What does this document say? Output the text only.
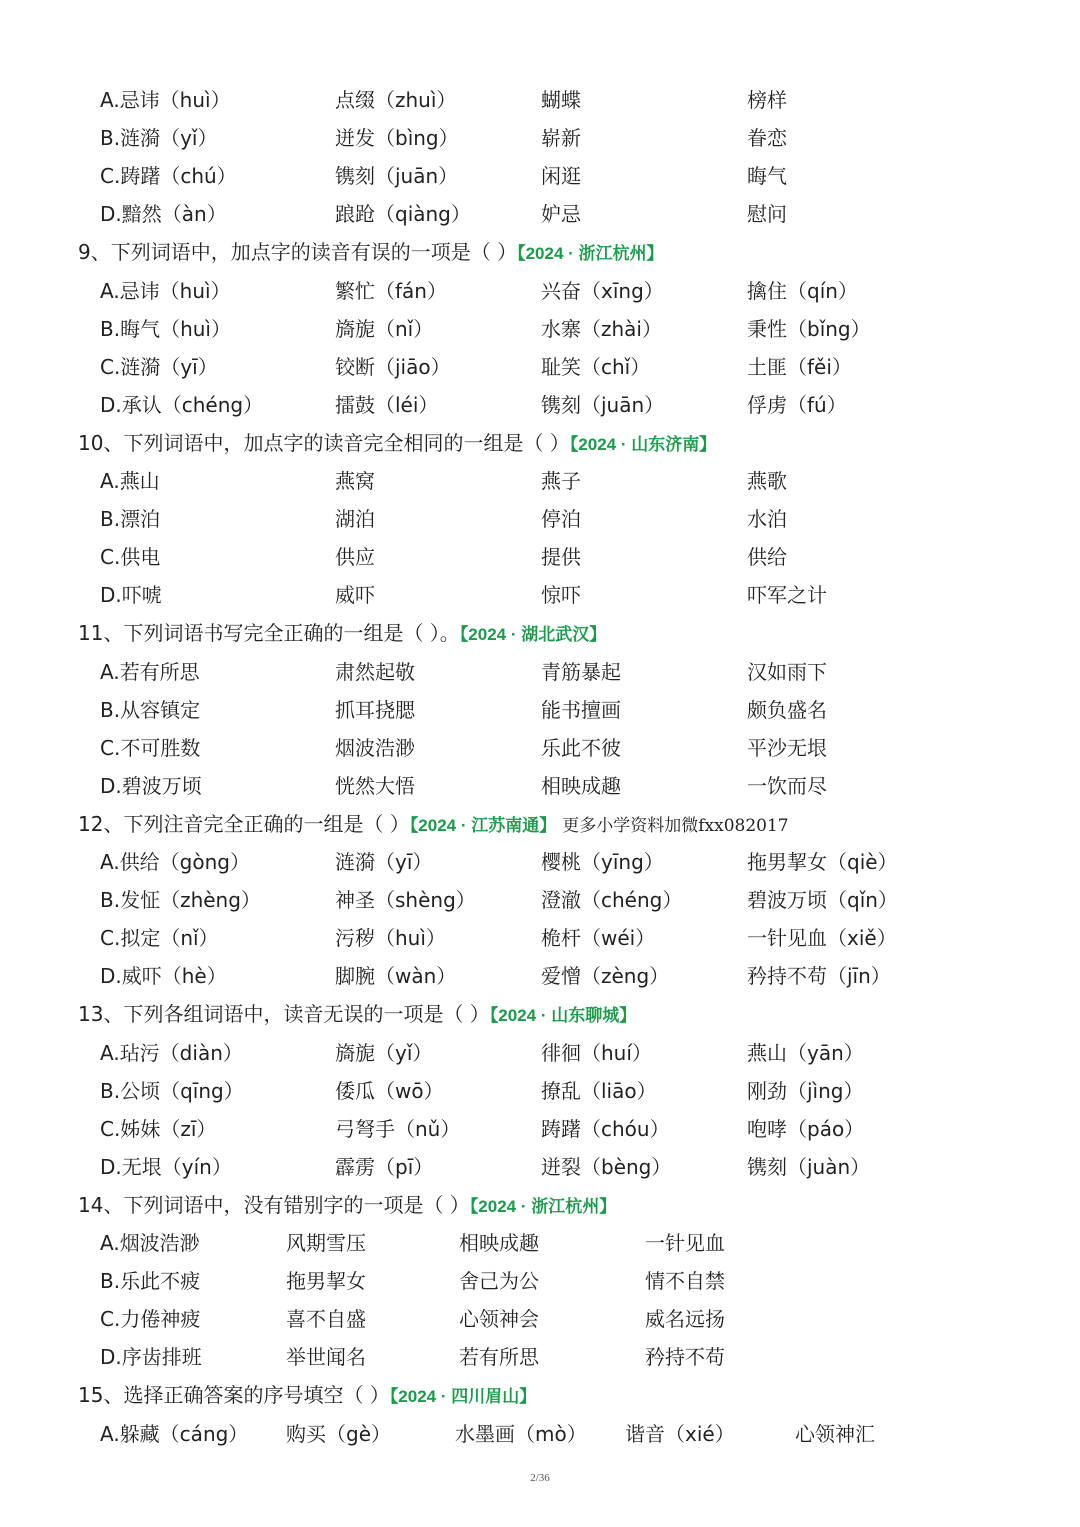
A.忌讳（huì）	点缀（zhuì）	蝴蝶	榜样
B.涟漪（yǐ）	迸发（bìng）	崭新	眷恋
C.踌躇（chú）	镌刻（juān）	闲逛	晦气
D.黯然（àn）	踉跄（qiàng）	妒忌	慰问
9、下列词语中，加点字的读音有误的一项是（ ）【2024 · 浙江杭州】
A.忌讳（huì）	繁忙（fán）	兴奋（xīng）	擒住（qín）
B.晦气（huì）	旖旎（nǐ）	水寨（zhài）	秉性（bǐng）
C.涟漪（yī）	铰断（jiāo）	耻笑（chǐ）	土匪（fěi）
D.承认（chéng）	擂鼓（léi）	镌刻（juān）	俘虏（fú）
10、下列词语中，加点字的读音完全相同的一组是（ ）【2024 · 山东济南】
A.燕山	燕窝	燕子	燕歌
B.漂泊	湖泊	停泊	水泊
C.供电	供应	提供	供给
D.吓唬	威吓	惊吓	吓军之计
11、下列词语书写完全正确的一组是（ ）。【2024 · 湖北武汉】
A.若有所思	肃然起敬	青筋暴起	汉如雨下
B.从容镇定	抓耳挠腮	能书擅画	颇负盛名
C.不可胜数	烟波浩渺	乐此不彼	平沙无垠
D.碧波万顷	恍然大悟	相映成趣	一饮而尽
12、下列注音完全正确的一组是（ ）【2024 · 江苏南通】 更多小学资料加微fxx082017
A.供给（gòng）	涟漪（yī）	樱桃（yīng）	拖男挈女（qiè）
B.发怔（zhèng）	神圣（shèng）	澄澈（chéng）	碧波万顷（qǐn）
C.拟定（nǐ）	污秽（huì）	桅杆（wéi）	一针见血（xiě）
D.威吓（hè）	脚腕（wàn）	爱憎（zèng）	矜持不苟（jīn）
13、下列各组词语中，读音无误的一项是（ ）【2024 · 山东聊城】
A.玷污（diàn）	旖旎（yǐ）	徘徊（huí）	燕山（yān）
B.公顷（qīng）	倭瓜（wō）	撩乱（liāo）	刚劲（jìng）
C.姊妹（zī）	弓弩手（nǔ）	踌躇（chóu）	咆哮（páo）
D.无垠（yín）	霹雳（pī）	迸裂（bèng）	镌刻（juàn）
14、下列词语中，没有错别字的一项是（ ）【2024 · 浙江杭州】
A.烟波浩渺	风期雪压	相映成趣	一针见血
B.乐此不疲	拖男挈女	舍己为公	情不自禁
C.力倦神疲	喜不自盛	心领神会	威名远扬
D.序齿排班	举世闻名	若有所思	矜持不苟
15、选择正确答案的序号填空（ ）【2024 · 四川眉山】
A.躲藏（cáng） 购买（gè）	水墨画（mò） 谐音（xié）	心领神汇
2/36
